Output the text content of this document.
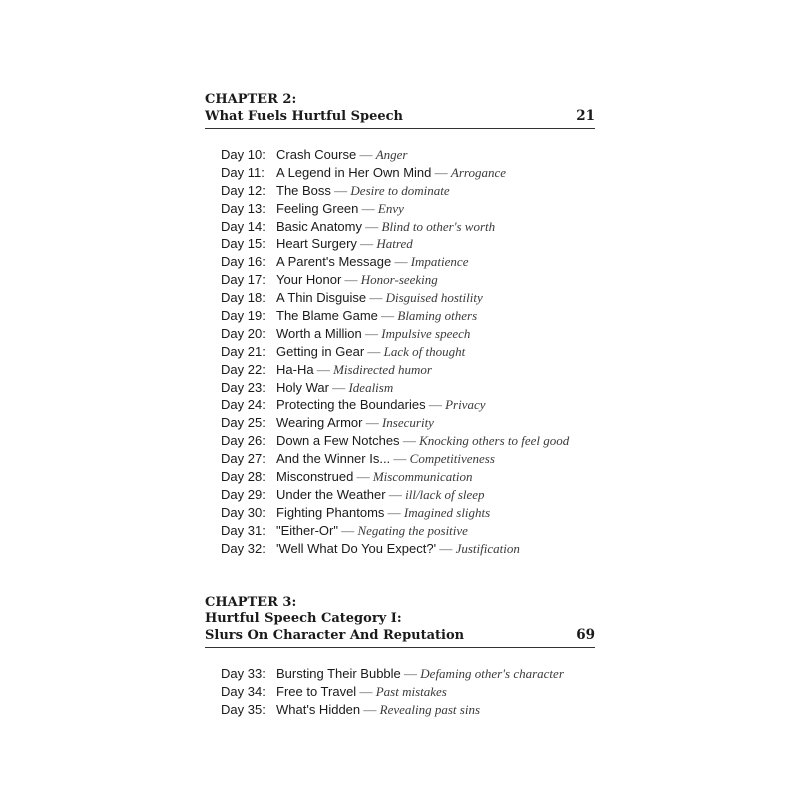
CHAPTER 2:
What Fuels Hurtful Speech	21
Day 10: Crash Course — Anger
Day 11: A Legend in Her Own Mind — Arrogance
Day 12: The Boss — Desire to dominate
Day 13: Feeling Green — Envy
Day 14: Basic Anatomy — Blind to other's worth
Day 15: Heart Surgery — Hatred
Day 16: A Parent's Message — Impatience
Day 17: Your Honor — Honor-seeking
Day 18: A Thin Disguise — Disguised hostility
Day 19: The Blame Game — Blaming others
Day 20: Worth a Million — Impulsive speech
Day 21: Getting in Gear — Lack of thought
Day 22: Ha-Ha — Misdirected humor
Day 23: Holy War — Idealism
Day 24: Protecting the Boundaries — Privacy
Day 25: Wearing Armor — Insecurity
Day 26: Down a Few Notches — Knocking others to feel good
Day 27: And the Winner Is... — Competitiveness
Day 28: Misconstrued — Miscommunication
Day 29: Under the Weather — ill/lack of sleep
Day 30: Fighting Phantoms — Imagined slights
Day 31: "Either-Or" — Negating the positive
Day 32: 'Well What Do You Expect?' — Justification
CHAPTER 3:
Hurtful Speech Category I:
Slurs On Character And Reputation	69
Day 33: Bursting Their Bubble — Defaming other's character
Day 34: Free to Travel — Past mistakes
Day 35: What's Hidden — Revealing past sins
